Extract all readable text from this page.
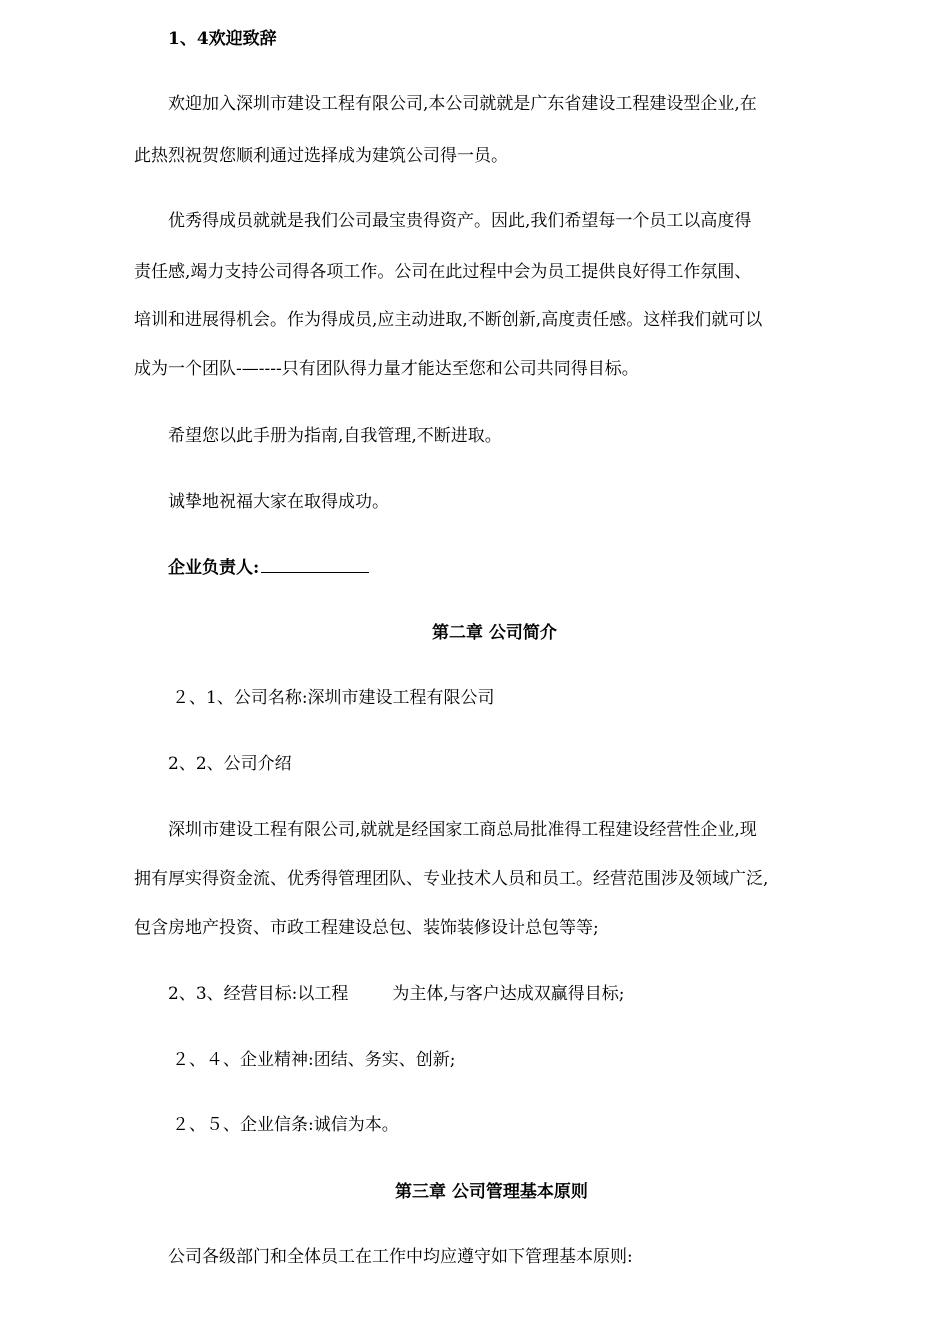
1、4欢迎致辞
欢迎加入深圳市建设工程有限公司,本公司就就是广东省建设工程建设型企业,在
此热烈祝贺您顺利通过选择成为建筑公司得一员。
优秀得成员就就是我们公司最宝贵得资产。因此,我们希望每一个员工以高度得
责任感,竭力支持公司得各项工作。公司在此过程中会为员工提供良好得工作氛围、
培训和进展得机会。作为得成员,应主动进取,不断创新,高度责任感。这样我们就可以
成为一个团队-—----只有团队得力量才能达至您和公司共同得目标。
希望您以此手册为指南,自我管理,不断进取。
诚挚地祝福大家在取得成功。
企业负责人:
第二章 公司简介
２、1、公司名称:深圳市建设工程有限公司
2、2、公司介绍
深圳市建设工程有限公司,就就是经国家工商总局批准得工程建设经营性企业,现
拥有厚实得资金流、优秀得管理团队、专业技术人员和员工。经营范围涉及领域广泛,
包含房地产投资、市政工程建设总包、装饰装修设计总包等等;
2、3、经营目标:以工程	为主体,与客户达成双赢得目标;
２、４、企业精神:团结、务实、创新;
２、５、企业信条:诚信为本。
第三章 公司管理基本原则
公司各级部门和全体员工在工作中均应遵守如下管理基本原则:
